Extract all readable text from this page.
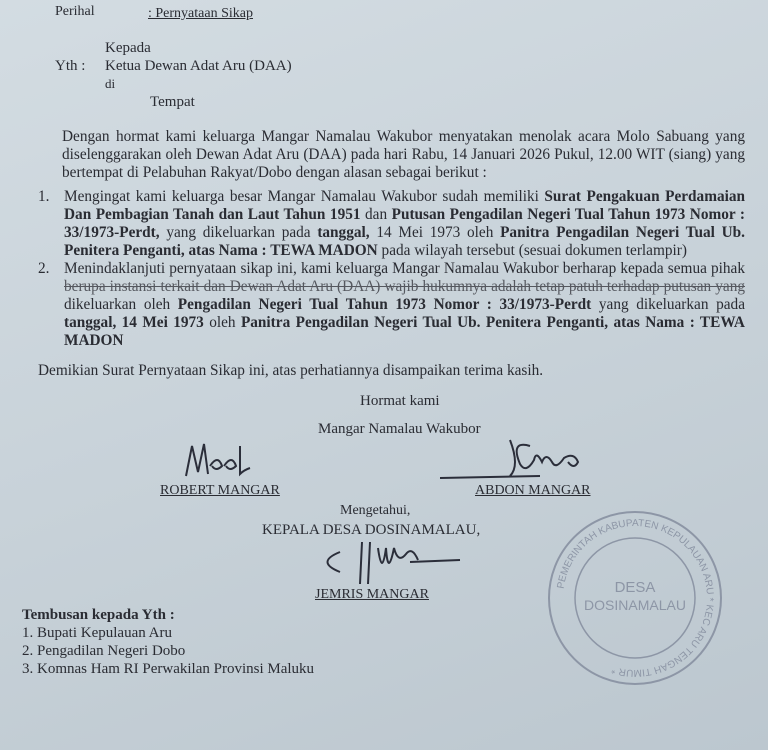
Perihal	: Pernyataan Sikap
Kepada
Yth : Ketua Dewan Adat Aru (DAA)
di
Tempat
Dengan hormat kami keluarga Mangar Namalau Wakubor menyatakan menolak acara Molo Sabuang yang diselenggarakan oleh Dewan Adat Aru (DAA) pada hari Rabu, 14 Januari 2026 Pukul, 12.00 WIT (siang) yang bertempat di Pelabuhan Rakyat/Dobo dengan alasan sebagai berikut :
1. Mengingat kami keluarga besar Mangar Namalau Wakubor sudah memiliki Surat Pengakuan Perdamaian Dan Pembagian Tanah dan Laut Tahun 1951 dan Putusan Pengadilan Negeri Tual Tahun 1973 Nomor : 33/1973-Perdt, yang dikeluarkan pada tanggal, 14 Mei 1973 oleh Panitra Pengadilan Negeri Tual Ub. Penitera Penganti, atas Nama : TEWA MADON pada wilayah tersebut (sesuai dokumen terlampir)
2. Menindaklanjuti pernyataan sikap ini, kami keluarga Mangar Namalau Wakubor berharap kepada semua pihak berupa instansi terkait dan Dewan Adat Aru (DAA) wajib hukumnya adalah tetap patuh terhadap putusan yang dikeluarkan oleh Pengadilan Negeri Tual Tahun 1973 Nomor : 33/1973-Perdt yang dikeluarkan pada tanggal, 14 Mei 1973 oleh Panitra Pengadilan Negeri Tual Ub. Penitera Penganti, atas Nama : TEWA MADON
Demikian Surat Pernyataan Sikap ini, atas perhatiannya disampaikan terima kasih.
Hormat kami
Mangar Namalau Wakubor
ROBERT MANGAR	ABDON MANGAR
Mengetahui,
KEPALA DESA DOSINAMALAU,
JEMRIS MANGAR
PEMERINTAH KABUPATEN KEPULAUAN ARU * KEC ARU TENGAH TIMUR *
DESA
DOSINAMALAU
Tembusan kepada Yth :
1. Bupati Kepulauan Aru
2. Pengadilan Negeri Dobo
3. Komnas Ham RI Perwakilan Provinsi Maluku
